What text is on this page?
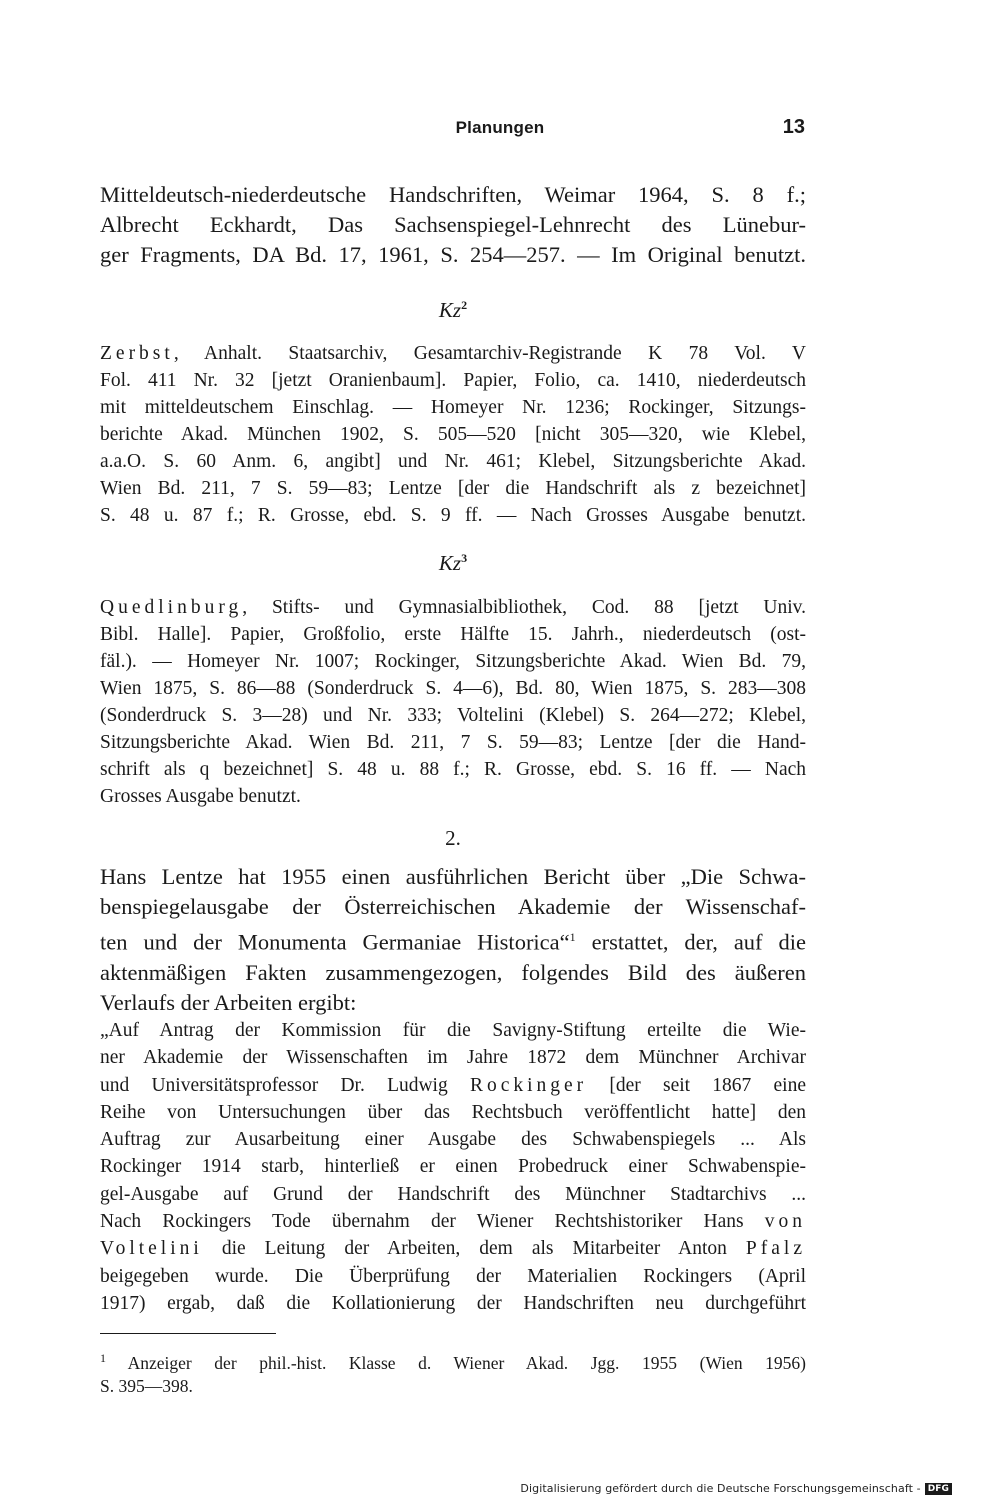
Planungen	13
Mitteldeutsch-niederdeutsche Handschriften, Weimar 1964, S. 8 f.;
Albrecht Eckhardt, Das Sachsenspiegel-Lehnrecht des Lünebur-
ger Fragments, DA Bd. 17, 1961, S. 254—257. — Im Original benutzt.
Kz$^2$
Zerbst, Anhalt. Staatsarchiv, Gesamtarchiv-Registrande K 78 Vol. V
Fol. 411 Nr. 32 [jetzt Oranienbaum]. Papier, Folio, ca. 1410, niederdeutsch
mit mitteldeutschem Einschlag. — Homeyer Nr. 1236; Rockinger, Sitzungs-
berichte Akad. München 1902, S. 505—520 [nicht 305—320, wie Klebel,
a.a.O. S. 60 Anm. 6, angibt] und Nr. 461; Klebel, Sitzungsberichte Akad.
Wien Bd. 211, 7 S. 59—83; Lentze [der die Handschrift als z bezeichnet]
S. 48 u. 87 f.; R. Grosse, ebd. S. 9 ff. — Nach Grosses Ausgabe benutzt.
Kz$^3$
Quedlinburg, Stifts- und Gymnasialbibliothek, Cod. 88 [jetzt Univ.
Bibl. Halle]. Papier, Großfolio, erste Hälfte 15. Jahrh., niederdeutsch (ost-
fäl.). — Homeyer Nr. 1007; Rockinger, Sitzungsberichte Akad. Wien Bd. 79,
Wien 1875, S. 86—88 (Sonderdruck S. 4—6), Bd. 80, Wien 1875, S. 283—308
(Sonderdruck S. 3—28) und Nr. 333; Voltelini (Klebel) S. 264—272; Klebel,
Sitzungsberichte Akad. Wien Bd. 211, 7 S. 59—83; Lentze [der die Hand-
schrift als q bezeichnet] S. 48 u. 88 f.; R. Grosse, ebd. S. 16 ff. — Nach
Grosses Ausgabe benutzt.
2.
Hans Lentze hat 1955 einen ausführlichen Bericht über „Die Schwa-
benspiegelausgabe der Österreichischen Akademie der Wissenschaf-
ten und der Monumenta Germaniae Historica“$^1$ erstattet, der, auf die
aktenmäßigen Fakten zusammengezogen, folgendes Bild des äußeren
Verlaufs der Arbeiten ergibt:
„Auf Antrag der Kommission für die Savigny-Stiftung erteilte die Wie-
ner Akademie der Wissenschaften im Jahre 1872 dem Münchner Archivar
und Universitätsprofessor Dr. Ludwig Rockinger [der seit 1867 eine
Reihe von Untersuchungen über das Rechtsbuch veröffentlicht hatte] den
Auftrag zur Ausarbeitung einer Ausgabe des Schwabenspiegels ... Als
Rockinger 1914 starb, hinterließ er einen Probedruck einer Schwabenspie-
gel-Ausgabe auf Grund der Handschrift des Münchner Stadtarchivs ...
Nach Rockingers Tode übernahm der Wiener Rechtshistoriker Hans von
Voltelini die Leitung der Arbeiten, dem als Mitarbeiter Anton Pfalz
beigegeben wurde. Die Überprüfung der Materialien Rockingers (April
1917) ergab, daß die Kollationierung der Handschriften neu durchgeführt
$^1$ Anzeiger der phil.-hist. Klasse d. Wiener Akad. Jgg. 1955 (Wien 1956)
S. 395—398.
Digitalisierung gefördert durch die Deutsche Forschungsgemeinschaft - DFG
